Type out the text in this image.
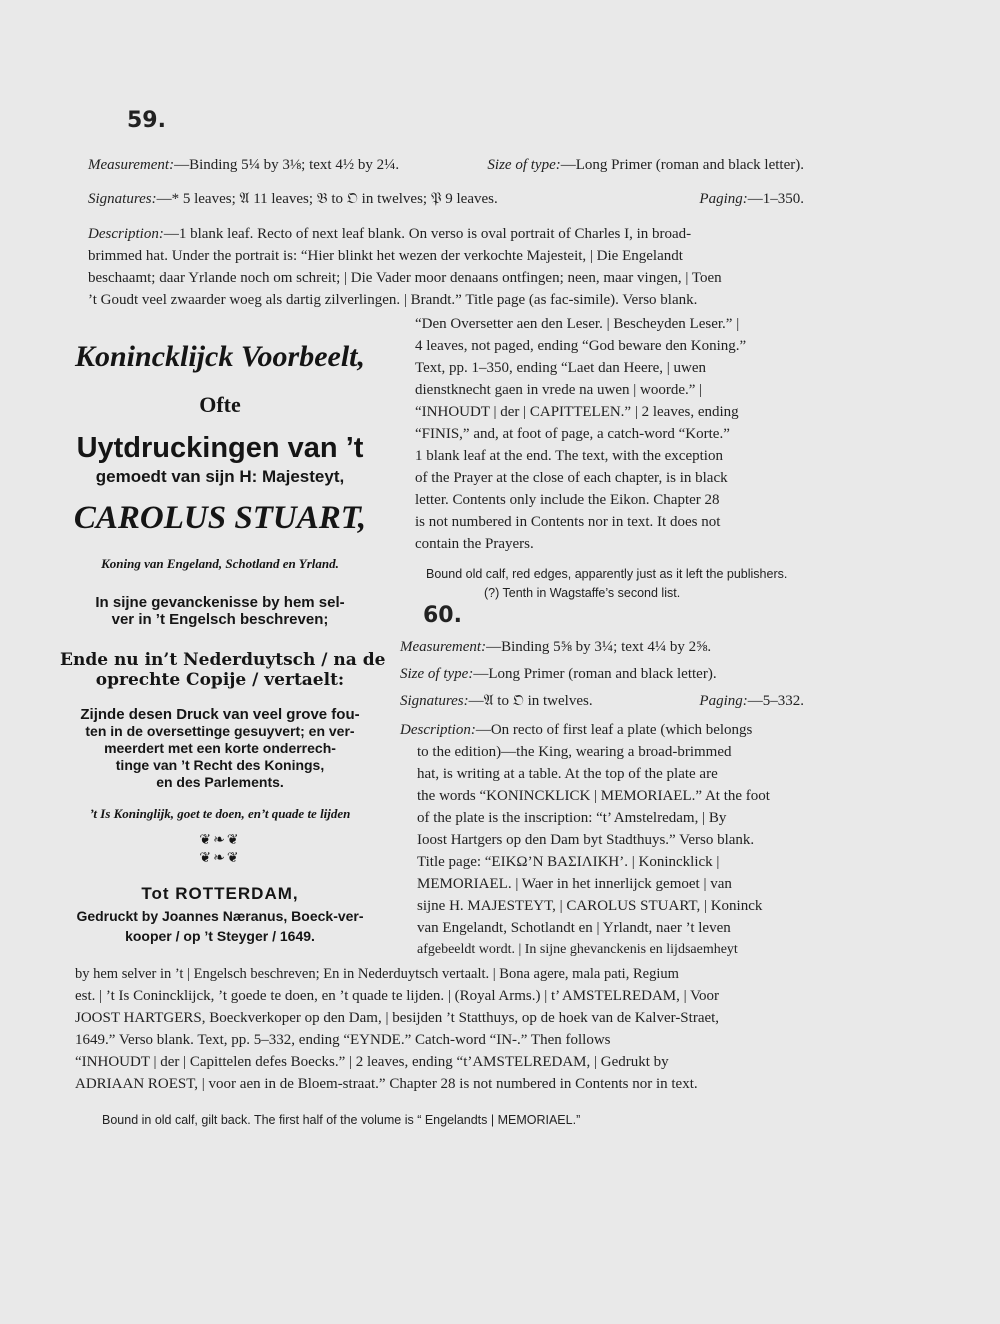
59.
Measurement:—Binding 5¼ by 3⅛; text 4½ by 2¼.	Size of type:—Long Primer (roman and black letter).
Signatures:—* 5 leaves; 𝔄 11 leaves; 𝔅 to 𝔒 in twelves; 𝔓 9 leaves.	Paging:—1–350.
Description:—1 blank leaf. Recto of next leaf blank. On verso is oval portrait of Charles I, in broad-
brimmed hat. Under the portrait is: “Hier blinkt het wezen der verkochte Majesteit, | Die Engelandt
beschaamt; daar Yrlande noch om schreit; | Die Vader moor denaans ontfingen; neen, maar vingen, | Toen
’t Goudt veel zwaarder woeg als dartig zilverlingen. | Brandt.” Title page (as fac-simile). Verso blank.
“Den Oversetter aen den Leser. | Bescheyden Leser.” |
4 leaves, not paged, ending “God beware den Koning.”
Text, pp. 1–350, ending “Laet dan Heere, | uwen
dienstknecht gaen in vrede na uwen | woorde.” |
“INHOUDT | der | CAPITTELEN.” | 2 leaves, ending
“FINIS,” and, at foot of page, a catch-word “Korte.”
1 blank leaf at the end. The text, with the exception
of the Prayer at the close of each chapter, is in black
letter. Contents only include the Eikon. Chapter 28
is not numbered in Contents nor in text. It does not
contain the Prayers.
Bound old calf, red edges, apparently just as it left the publishers.
(?) Tenth in Wagstaffe’s second list.
Koninckl​ijck Voorbeelt,
Ofte
Uytdruckingen van ’t
gemoedt van sijn H: Majesteyt,
CAROLUS STUART,
Koning van Engeland, Schotland en Yrland.
In sijne gevanckenisse by hem sel-
ver in ’t Engelsch beschreven;
Ende nu in’t Nederduytsch / na de
oprechte Copije / vertaelt:
Zijnde desen Druck van veel grove fou-
ten in de oversettinge gesuyvert; en ver-
meerdert met een korte onderrech-
tinge van ’t Recht des Konings,
en des Parlements.
’t Is Koninglijk, goet te doen, en’t quade te lijden
❦❧❦
❦❧❦
Tot ROTTERDAM,
Gedruckt by Joannes Næranus, Boeck-ver-
kooper / op ’t Steyger / 1649.
60.
Measurement:—Binding 5⅝ by 3¼; text 4¼ by 2⅝.
Size of type:—Long Primer (roman and black letter).
Signatures:—𝔄 to 𝔒 in twelves.	Paging:—5–332.
Description:—On recto of first leaf a plate (which belongs
to the edition)—the King, wearing a broad-brimmed
hat, is writing at a table. At the top of the plate are
the words “KONINCKLICK | MEMORIAEL.” At the foot
of the plate is the inscription: “t’ Amstelredam, | By
Ioost Hartgers op den Dam byt Stadthuys.” Verso blank.
Title page: “ΕΙΚΩ’Ν ΒΑΣΙΛΙΚΗ’. | Koninckli​ck |
MEMORIAEL. | Waer in het innerlijck gemoet | van
sijne H. MAJESTEYT, | CAROLUS STUART, | Koninck
van Engelandt, Schotlandt en | Yrlandt, naer ’t leven
afgebeeldt wordt. | In sijne ghevanckenis en lijdsaemheyt
by hem selver in ’t | Engelsch beschreven; En in Nederduytsch vertaalt. | Bona agere, mala pati, Regium
est. | ’t Is Coninckli​jck, ’t goede te doen, en ’t quade te lijden. | (Royal Arms.) | t’ AMSTELREDAM, | Voor
JOOST HARTGERS, Boeckverkoper op den Dam, | besijden ’t Statthuys, op de hoek van de Kalver-Straet,
1649.” Verso blank. Text, pp. 5–332, ending “EYNDE.” Catch-word “IN-.” Then follows
“INHOUDT | der | Capittelen defes Boecks.” | 2 leaves, ending “t’AMSTELREDAM, | Gedrukt by
ADRIAAN ROEST, | voor aen in de Bloem-straat.” Chapter 28 is not numbered in Contents nor in text.
Bound in old calf, gilt back. The first half of the volume is “ Engelandts | MEMORIAEL.”
